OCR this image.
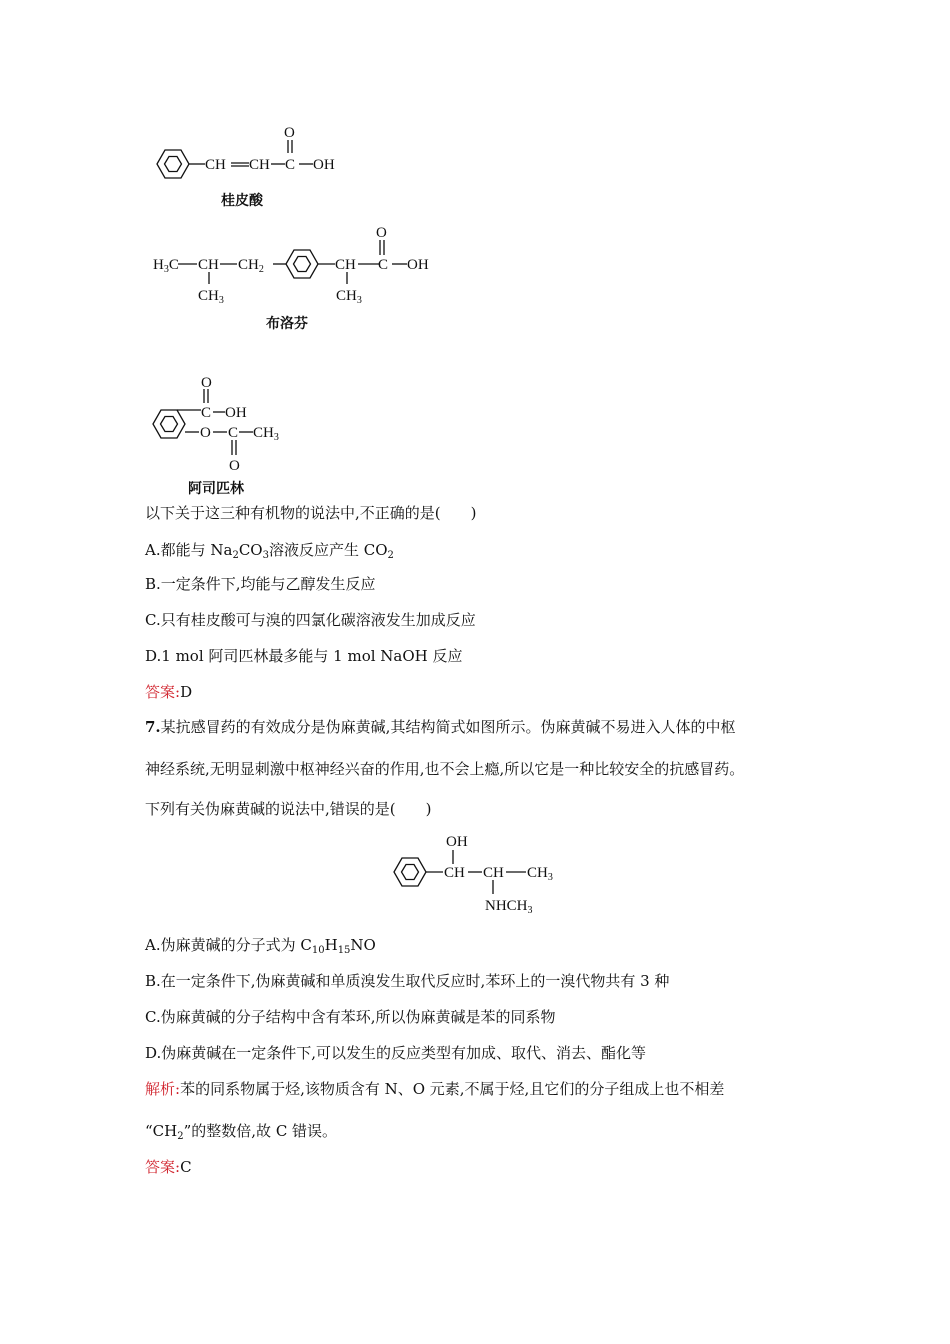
CH CH C
O
OH
桂皮酸
$H_3C$ CH $CH_2$
$CH_3$
CH C
O
OH
$CH_3$
布洛芬
O
C OH
O C $CH_3$
O
阿司匹林
以下关于这三种有机物的说法中,不正确的是(　　)
A.都能与 $Na_2CO_3$溶液反应产生 $CO_2$
B.一定条件下,均能与乙醇发生反应
C.只有桂皮酸可与溴的四氯化碳溶液发生加成反应
D.1 mol 阿司匹林最多能与 1 mol NaOH 反应
答案:D
7.某抗感冒药的有效成分是伪麻黄碱,其结构简式如图所示。伪麻黄碱不易进入人体的中枢
神经系统,无明显刺激中枢神经兴奋的作用,也不会上瘾,所以它是一种比较安全的抗感冒药。
下列有关伪麻黄碱的说法中,错误的是(　　)
OH
CH CH $CH_3$
$NHCH_3$
A.伪麻黄碱的分子式为 $C_{10}H_{15}NO$
B.在一定条件下,伪麻黄碱和单质溴发生取代反应时,苯环上的一溴代物共有 3 种
C.伪麻黄碱的分子结构中含有苯环,所以伪麻黄碱是苯的同系物
D.伪麻黄碱在一定条件下,可以发生的反应类型有加成、取代、消去、酯化等
解析:苯的同系物属于烃,该物质含有 N、O 元素,不属于烃,且它们的分子组成上也不相差
“$CH_2$”的整数倍,故 C 错误。
答案:C
